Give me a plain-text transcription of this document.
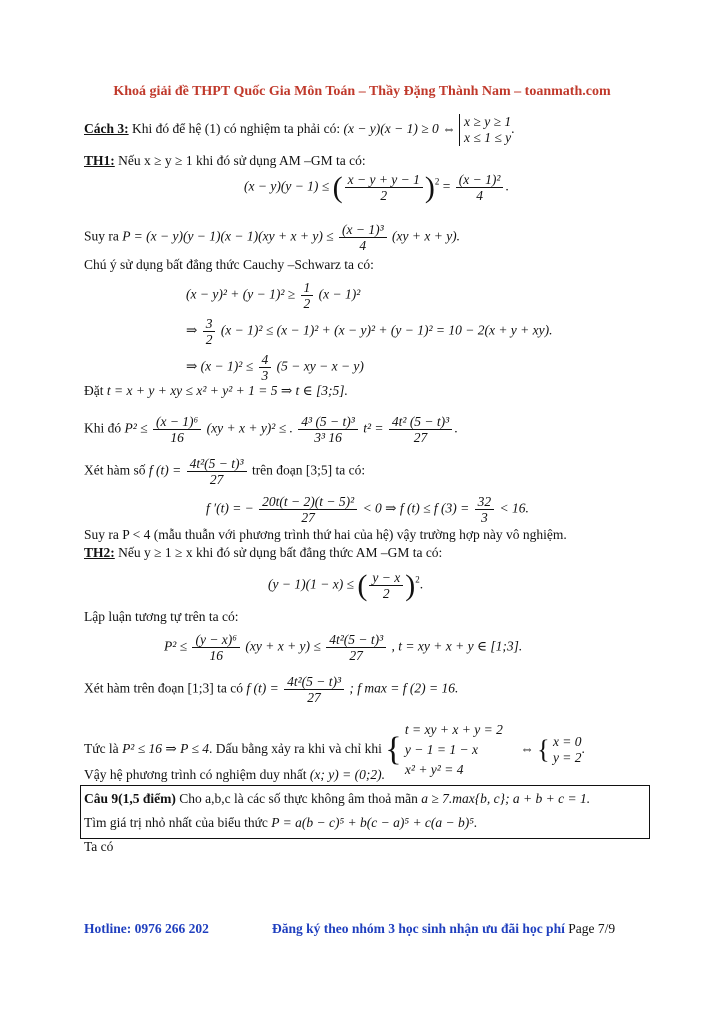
Khoá giải đề THPT Quốc Gia Môn Toán – Thầy Đặng Thành Nam – toanmath.com
Cách 3: Khi đó để hệ (1) có nghiệm ta phải có: (x − y)(x − 1) ≥ 0 ⇔ x ≥ y ≥ 1
x ≤ 1 ≤ y
.
TH1: Nếu x ≥ y ≥ 1 khi đó sử dụng AM –GM ta có:
(x − y)(y − 1) ≤ ( $\frac{x - y + y - 1}{2} )^2 = \frac{\text{(x − 1)²}}{4}$ .
Suy ra $P = (x - y)(y - 1)(x - 1)(xy + x + y) \le \frac{\text{(x − 1)³}}{4} (xy + x + y)$.
Chú ý sử dụng bất đẳng thức Cauchy –Schwarz ta có:
$(x - y)^2 + (y - 1)^2 \ge \frac{1}{2} (x - 1)^2$
⇒ $\frac{3}{2} (x - 1)^2 \le (x - 1)^2 + (x - y)^2 + (y - 1)^2 = 10 - 2(x + y + xy)$.
⇒ $(x - 1)^2 \le \frac{4}{3} (5$ − xy − x − y)
Đặt t = x + y + xy ≤ x² + y² + 1 = 5 ⇒ t ∈ [3;5].
Khi đó $P^2 \le \frac{\text{(x − 1)⁶}}{16} (xy + x + y)^2$ ≤ . $\frac{\text{4³ (5 − t)³}}{\text{3³ 16}} t^2 = \frac{\text{4t² (5 − t)³}}{27}$ .
Xét hàm số f $(t) = \frac{\text{4t²(5 − t)³}}{27}$ trên đoạn [3;5] ta có:
f ′(t) = − $\frac{\text{20t(t − 2)(t − 5)²}}{27} < 0$ ⇒ f (t) ≤ f $(3) = \frac{32}{3} < 16$.
Suy ra P < 4 (mẫu thuẫn với phương trình thứ hai của hệ) vậy trường hợp này vô nghiệm.
TH2: Nếu y ≥ 1 ≥ x khi đó sử dụng bất đẳng thức AM –GM ta có:
(y − 1)(1 − x) ≤ ( $\frac{y - x}{2} )^2$.
Lập luận tương tự trên ta có:
$P^2 \le \frac{\text{(y − x)⁶}}{16} (xy + x + y) \le \frac{\text{4t²(5 − t)³}}{27}$ , t = xy + x + y ∈ [1;3].
Xét hàm trên đoạn [1;3] ta có f $(t) = \frac{\text{4t²(5 − t)³}}{27}$ ; f max = f (2) = 16.
Tức là P² ≤ 16 ⇒ P ≤ 4. Dấu bằng xảy ra khi và chỉ khi {
t = xy + x + y = 2
y − 1 = 1 − x
x² + y² = 4
⇔ { x = 0
y = 2
.
Vậy hệ phương trình có nghiệm duy nhất (x; y) = (0;2).
Câu 9(1,5 điểm) Cho a,b,c là các số thực không âm thoả mãn a ≥ 7.max{b, c}; a + b + c = 1.
Tìm giá trị nhỏ nhất của biểu thức P = a(b − c)⁵ + b(c − a)⁵ + c(a − b)⁵.
Ta có
Hotline: 0976 266 202	Đăng ký theo nhóm 3 học sinh nhận ưu đãi học phí Page 7/9
